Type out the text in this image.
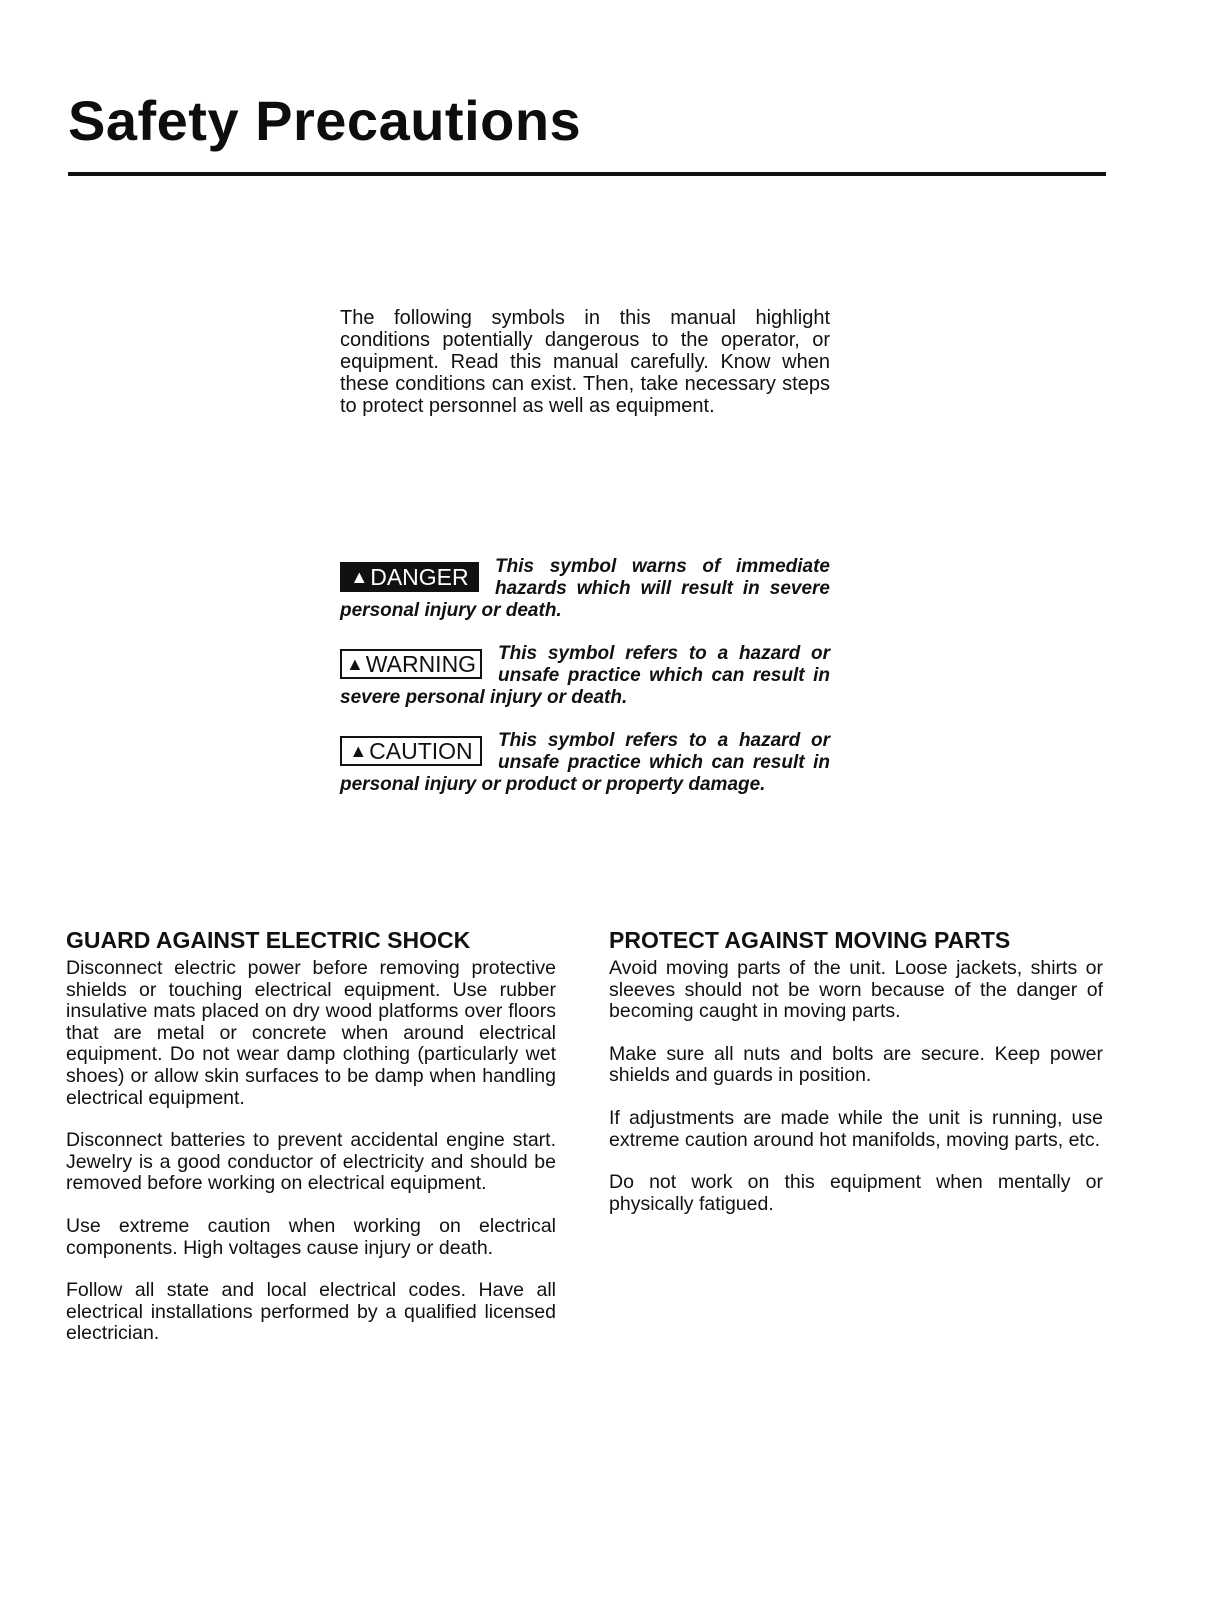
Safety Precautions

The following symbols in this manual highlight conditions potentially dangerous to the operator, or equipment. Read this manual carefully. Know when these conditions can exist. Then, take necessary steps to protect personnel as well as equipment.

▲ DANGER This symbol warns of immediate hazards which will result in severe personal injury or death.

▲ WARNING This symbol refers to a hazard or unsafe practice which can result in severe personal injury or death.

▲ CAUTION This symbol refers to a hazard or unsafe practice which can result in personal injury or product or property damage.

GUARD AGAINST ELECTRIC SHOCK

Disconnect electric power before removing protective shields or touching electrical equipment. Use rubber insulative mats placed on dry wood platforms over floors that are metal or concrete when around electrical equipment. Do not wear damp clothing (particularly wet shoes) or allow skin surfaces to be damp when handling electrical equipment.

Disconnect batteries to prevent accidental engine start. Jewelry is a good conductor of electricity and should be removed before working on electrical equipment.

Use extreme caution when working on electrical components. High voltages cause injury or death.

Follow all state and local electrical codes. Have all electrical installations performed by a qualified licensed electrician.

PROTECT AGAINST MOVING PARTS

Avoid moving parts of the unit. Loose jackets, shirts or sleeves should not be worn because of the danger of becoming caught in moving parts.

Make sure all nuts and bolts are secure. Keep power shields and guards in position.

If adjustments are made while the unit is running, use extreme caution around hot manifolds, moving parts, etc.

Do not work on this equipment when mentally or physically fatigued.
